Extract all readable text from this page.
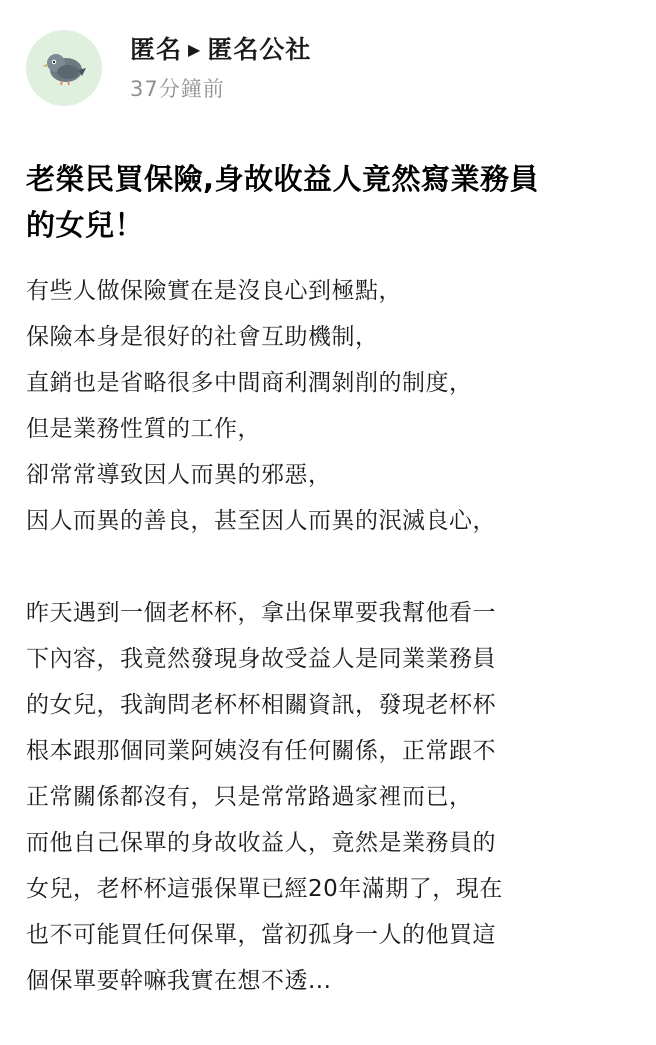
匿名 ▶ 匿名公社
37分鐘前
老榮民買保險,身故收益人竟然寫業務員
的女兒！
有些人做保險實在是沒良心到極點，
保險本身是很好的社會互助機制，
直銷也是省略很多中間商利潤剝削的制度，
但是業務性質的工作，
卻常常導致因人而異的邪惡，
因人而異的善良，甚至因人而異的泯滅良心，
昨天遇到一個老杯杯，拿出保單要我幫他看一
下內容，我竟然發現身故受益人是同業業務員
的女兒，我詢問老杯杯相關資訊，發現老杯杯
根本跟那個同業阿姨沒有任何關係，正常跟不
正常關係都沒有，只是常常路過家裡而已，
而他自己保單的身故收益人，竟然是業務員的
女兒，老杯杯這張保單已經20年滿期了，現在
也不可能買任何保單，當初孤身一人的他買這
個保單要幹嘛我實在想不透...
